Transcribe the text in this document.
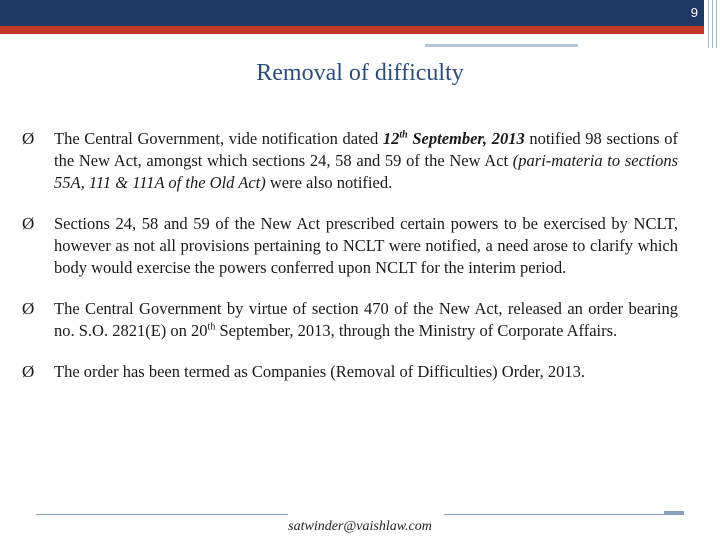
9
Removal of difficulty
Ø	The Central Government, vide notification dated 12th September, 2013 notified 98 sections of the New Act, amongst which sections 24, 58 and 59 of the New Act (pari-materia to sections 55A, 111 & 111A of the Old Act) were also notified.
Ø	Sections 24, 58 and 59 of the New Act prescribed certain powers to be exercised by NCLT, however as not all provisions pertaining to NCLT were notified, a need arose to clarify which body would exercise the powers conferred upon NCLT for the interim period.
Ø	The Central Government by virtue of section 470 of the New Act, released an order bearing no. S.O. 2821(E) on 20th September, 2013, through the Ministry of Corporate Affairs.
Ø	The order has been termed as Companies (Removal of Difficulties) Order, 2013.
satwinder@vaishlaw.com
